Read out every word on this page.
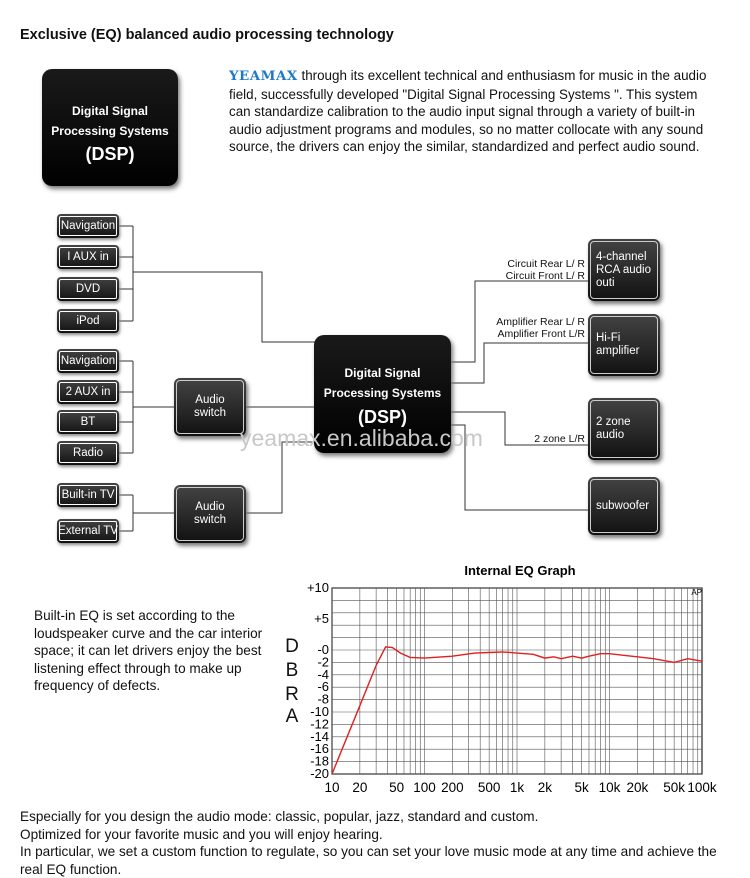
Exclusive (EQ) balanced audio processing technology
Digital Signal
Processing Systems
(DSP)
YEAMAX through its excellent technical and enthusiasm for music in the audio field, successfully developed "Digital Signal Processing Systems ". This system can standardize calibration to the audio input signal through a variety of built-in audio adjustment programs and modules, so no matter collocate with any sound source, the drivers can enjoy the similar, standardized and perfect audio sound.
Navigation
I AUX in
DVD
iPod
Navigation
2 AUX in
BT
Radio
Built-in TV
External TV
Audio
switch
Audio
switch
Digital Signal
Processing Systems
(DSP)
4-channel
RCA audio
outi
Hi-Fi
amplifier
2 zone
audio
subwoofer
Circuit Rear L/ R
Circuit Front L/ R
Amplifier Rear L/ R
Amplifier Front L/R
2 zone L/R
yeamax.en.alibaba.com
Built-in EQ is set according to the loudspeaker curve and the car interior space; it can let drivers enjoy the best listening effect through to make up frequency of defects.
D
B
R
A
Internal EQ Graph
+10
+5
-0
-2
-4
-6
-8
-10
-12
-14
-16
-18
-20
10 20 50 100 200 500 1k 2k 5k 10k 20k 50k 100k
AP
Especially for you design the audio mode: classic, popular, jazz, standard and custom.
Optimized for your favorite music and you will enjoy hearing.
In particular, we set a custom function to regulate, so you can set your love music mode at any time and achieve the real EQ function.
